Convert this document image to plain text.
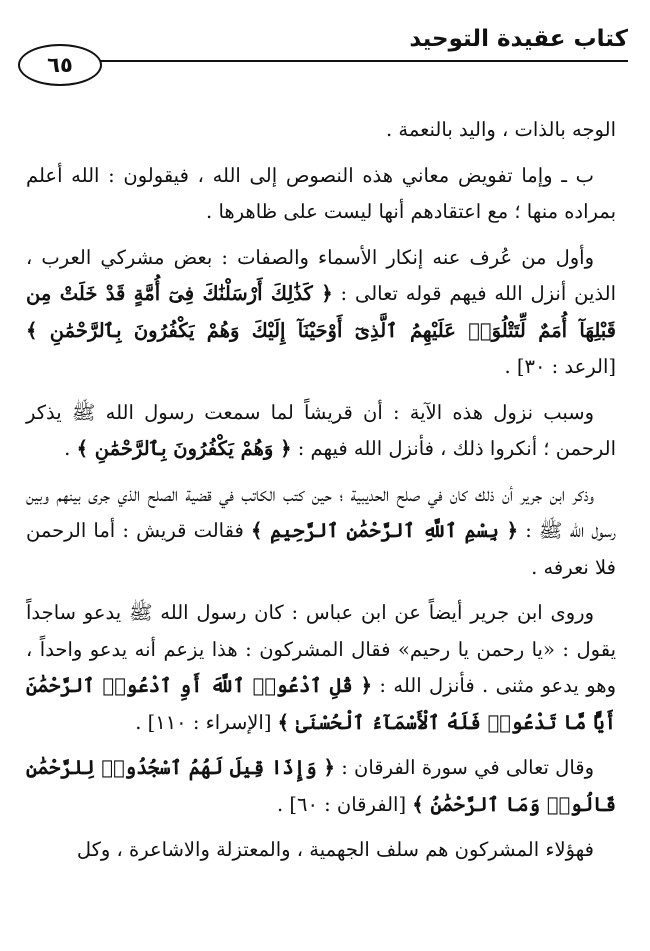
كتاب عقيدة التوحيد
٦٥

الوجه بالذات ، واليد بالنعمة .

ب ـ وإما تفويض معاني هذه النصوص إلى الله ، فيقولون : الله أعلم بمراده منها ؛ مع اعتقادهم أنها ليست على ظاهرها .

وأول من عُرف عنه إنكار الأسماء والصفات : بعض مشركي العرب ، الذين أنزل الله فيهم قوله تعالى : ﴿ كَذَٰلِكَ أَرْسَلْنَٰكَ فِىٓ أُمَّةٍ قَدْ خَلَتْ مِن قَبْلِهَآ أُمَمٌ لِّتَتْلُوَا۟ عَلَيْهِمُ ٱلَّذِىٓ أَوْحَيْنَآ إِلَيْكَ وَهُمْ يَكْفُرُونَ بِٱلرَّحْمَٰنِ ﴾ [الرعد : ٣٠] .

وسبب نزول هذه الآية : أن قريشاً لما سمعت رسول الله ﷺ يذكر الرحمن ؛ أنكروا ذلك ، فأنزل الله فيهم : ﴿ وَهُمْ يَكْفُرُونَ بِٱلرَّحْمَٰنِ ﴾ .

وذكر ابن جرير أن ذلك كان في صلح الحديبية ؛ حين كتب الكاتب في قضية الصلح الذي جرى بينهم وبين رسول الله ﷺ : ﴿ بِسْمِ ٱللَّهِ ٱلرَّحْمَٰنِ ٱلرَّحِيمِ ﴾ فقالت قريش : أما الرحمن فلا نعرفه .

وروى ابن جرير أيضاً عن ابن عباس : كان رسول الله ﷺ يدعو ساجداً يقول : «يا رحمن يا رحيم» فقال المشركون : هذا يزعم أنه يدعو واحداً ، وهو يدعو مثنى . فأنزل الله : ﴿ قُلِ ٱدْعُوا۟ ٱللَّهَ أَوِ ٱدْعُوا۟ ٱلرَّحْمَٰنَ أَيًّا مَّا تَدْعُوا۟ فَلَهُ ٱلْأَسْمَآءُ ٱلْحُسْنَىٰ ﴾ [الإسراء : ١١٠] .

وقال تعالى في سورة الفرقان : ﴿ وَإِذَا قِيلَ لَهُمُ ٱسْجُدُوا۟ لِلرَّحْمَٰنِ قَالُوا۟ وَمَا ٱلرَّحْمَٰنُ ﴾ [الفرقان : ٦٠] .

فهؤلاء المشركون هم سلف الجهمية ، والمعتزلة والاشاعرة ، وكل
